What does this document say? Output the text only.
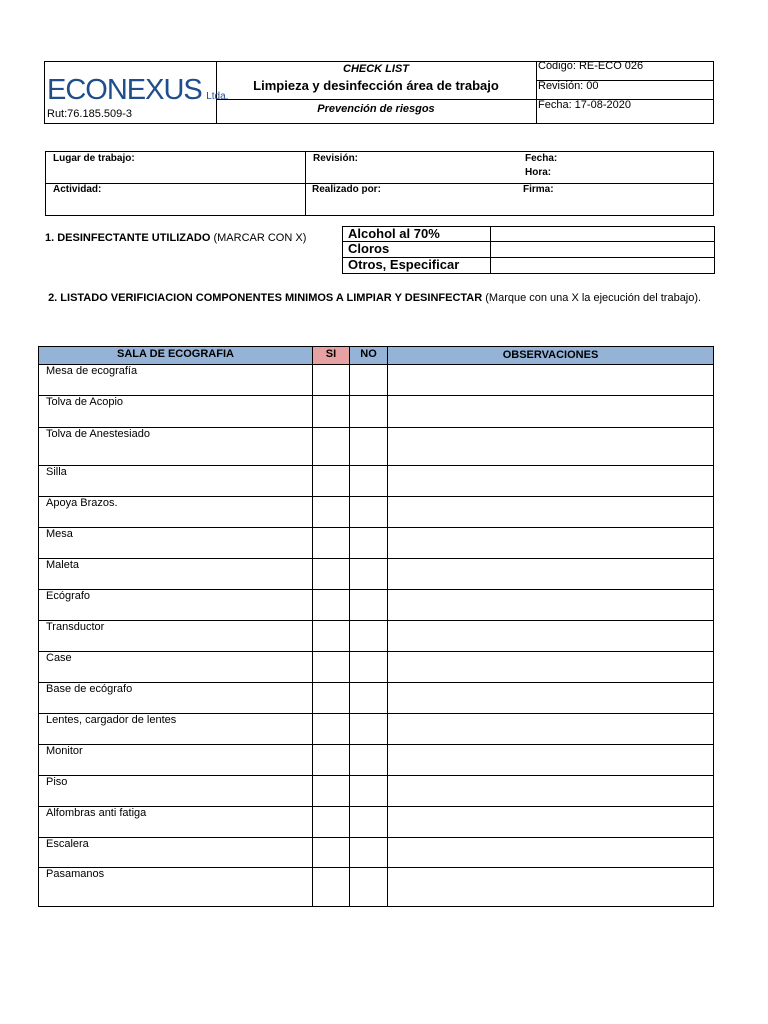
ECONEXUS Ltda.
Rut:76.185.509-3
CHECK LIST
Limpieza y desinfección área de trabajo
Prevención de riesgos
Código: RE-ECO 026
Revisión: 00
Fecha: 17-08-2020
Lugar de trabajo:	Revisión:	Fecha:
Hora:
Actividad:	Realizado por:	Firma:
1. DESINFECTANTE UTILIZADO (MARCAR CON X)	Alcohol al 70%
Cloros
Otros, Especificar
2. LISTADO VERIFICIACION COMPONENTES MINIMOS A LIMPIAR Y DESINFECTAR (Marque con una X la ejecución del trabajo).
SALA DE ECOGRAFIA	SI	NO	OBSERVACIONES
Mesa de ecografía
Tolva de Acopio
Tolva de Anestesiado
Silla
Apoya Brazos.
Mesa
Maleta
Ecógrafo
Transductor
Case
Base de ecógrafo
Lentes, cargador de lentes
Monitor
Piso
Alfombras anti fatiga
Escalera
Pasamanos
